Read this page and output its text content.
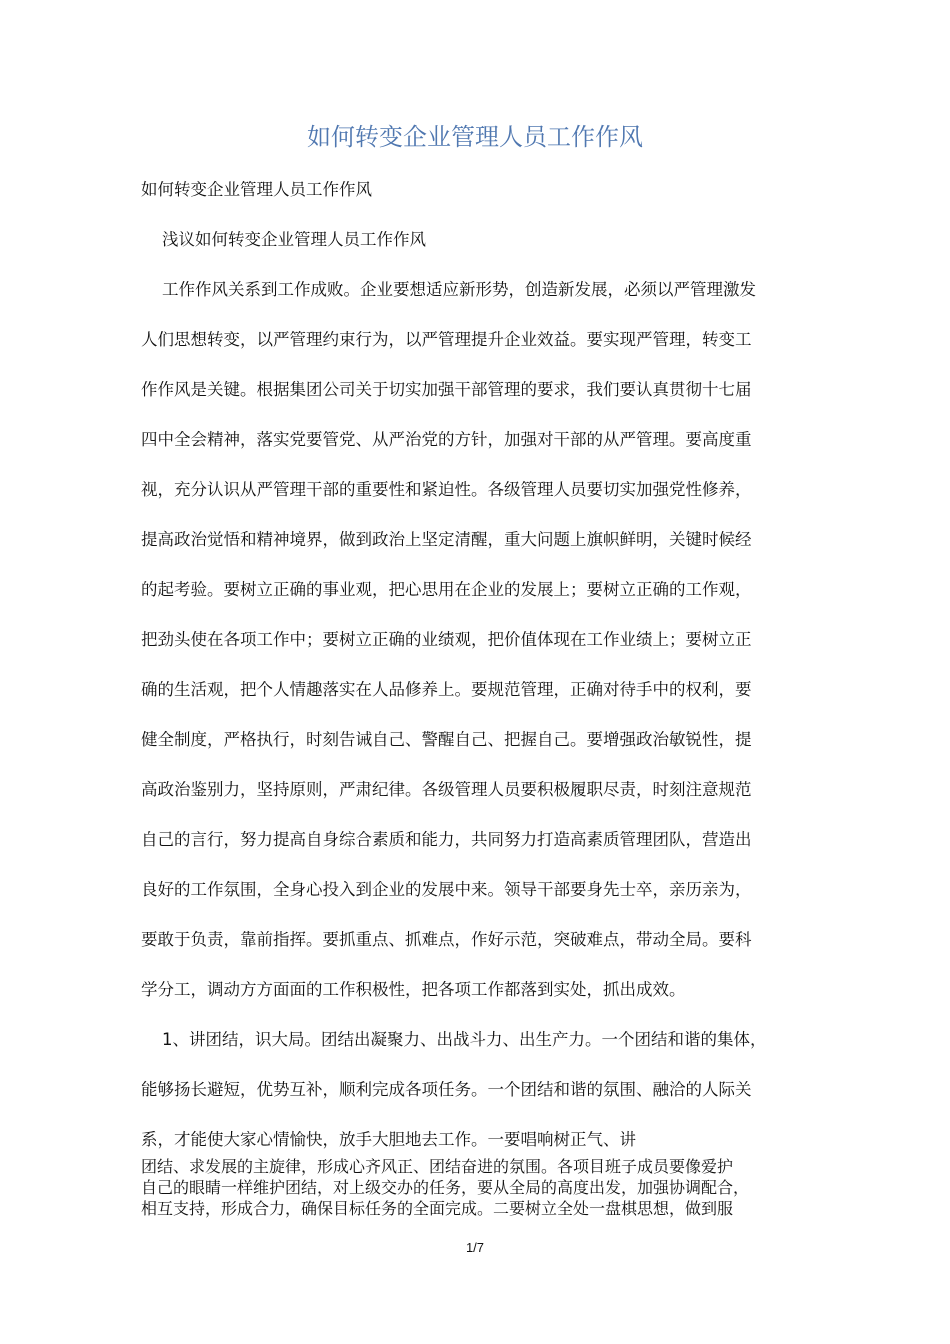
如何转变企业管理人员工作作风
如何转变企业管理人员工作作风
浅议如何转变企业管理人员工作作风
工作作风关系到工作成败。企业要想适应新形势，创造新发展，必须以严管理激发
人们思想转变，以严管理约束行为，以严管理提升企业效益。要实现严管理，转变工
作作风是关键。根据集团公司关于切实加强干部管理的要求，我们要认真贯彻十七届
四中全会精神，落实党要管党、从严治党的方针，加强对干部的从严管理。要高度重
视，充分认识从严管理干部的重要性和紧迫性。各级管理人员要切实加强党性修养，
提高政治觉悟和精神境界，做到政治上坚定清醒，重大问题上旗帜鲜明，关键时候经
的起考验。要树立正确的事业观，把心思用在企业的发展上；要树立正确的工作观，
把劲头使在各项工作中；要树立正确的业绩观，把价值体现在工作业绩上；要树立正
确的生活观，把个人情趣落实在人品修养上。要规范管理，正确对待手中的权利，要
健全制度，严格执行，时刻告诫自己、警醒自己、把握自己。要增强政治敏锐性，提
高政治鉴别力，坚持原则，严肃纪律。各级管理人员要积极履职尽责，时刻注意规范
自己的言行，努力提高自身综合素质和能力，共同努力打造高素质管理团队，营造出
良好的工作氛围，全身心投入到企业的发展中来。领导干部要身先士卒，亲历亲为，
要敢于负责，靠前指挥。要抓重点、抓难点，作好示范，突破难点，带动全局。要科
学分工，调动方方面面的工作积极性，把各项工作都落到实处，抓出成效。
1、讲团结，识大局。团结出凝聚力、出战斗力、出生产力。一个团结和谐的集体，
能够扬长避短，优势互补，顺利完成各项任务。一个团结和谐的氛围、融洽的人际关
系，才能使大家心情愉快，放手大胆地去工作。一要唱响树正气、讲
团结、求发展的主旋律，形成心齐风正、团结奋进的氛围。各项目班子成员要像爱护
自己的眼睛一样维护团结，对上级交办的任务，要从全局的高度出发，加强协调配合，
相互支持，形成合力，确保目标任务的全面完成。二要树立全处一盘棋思想，做到服
1/7
